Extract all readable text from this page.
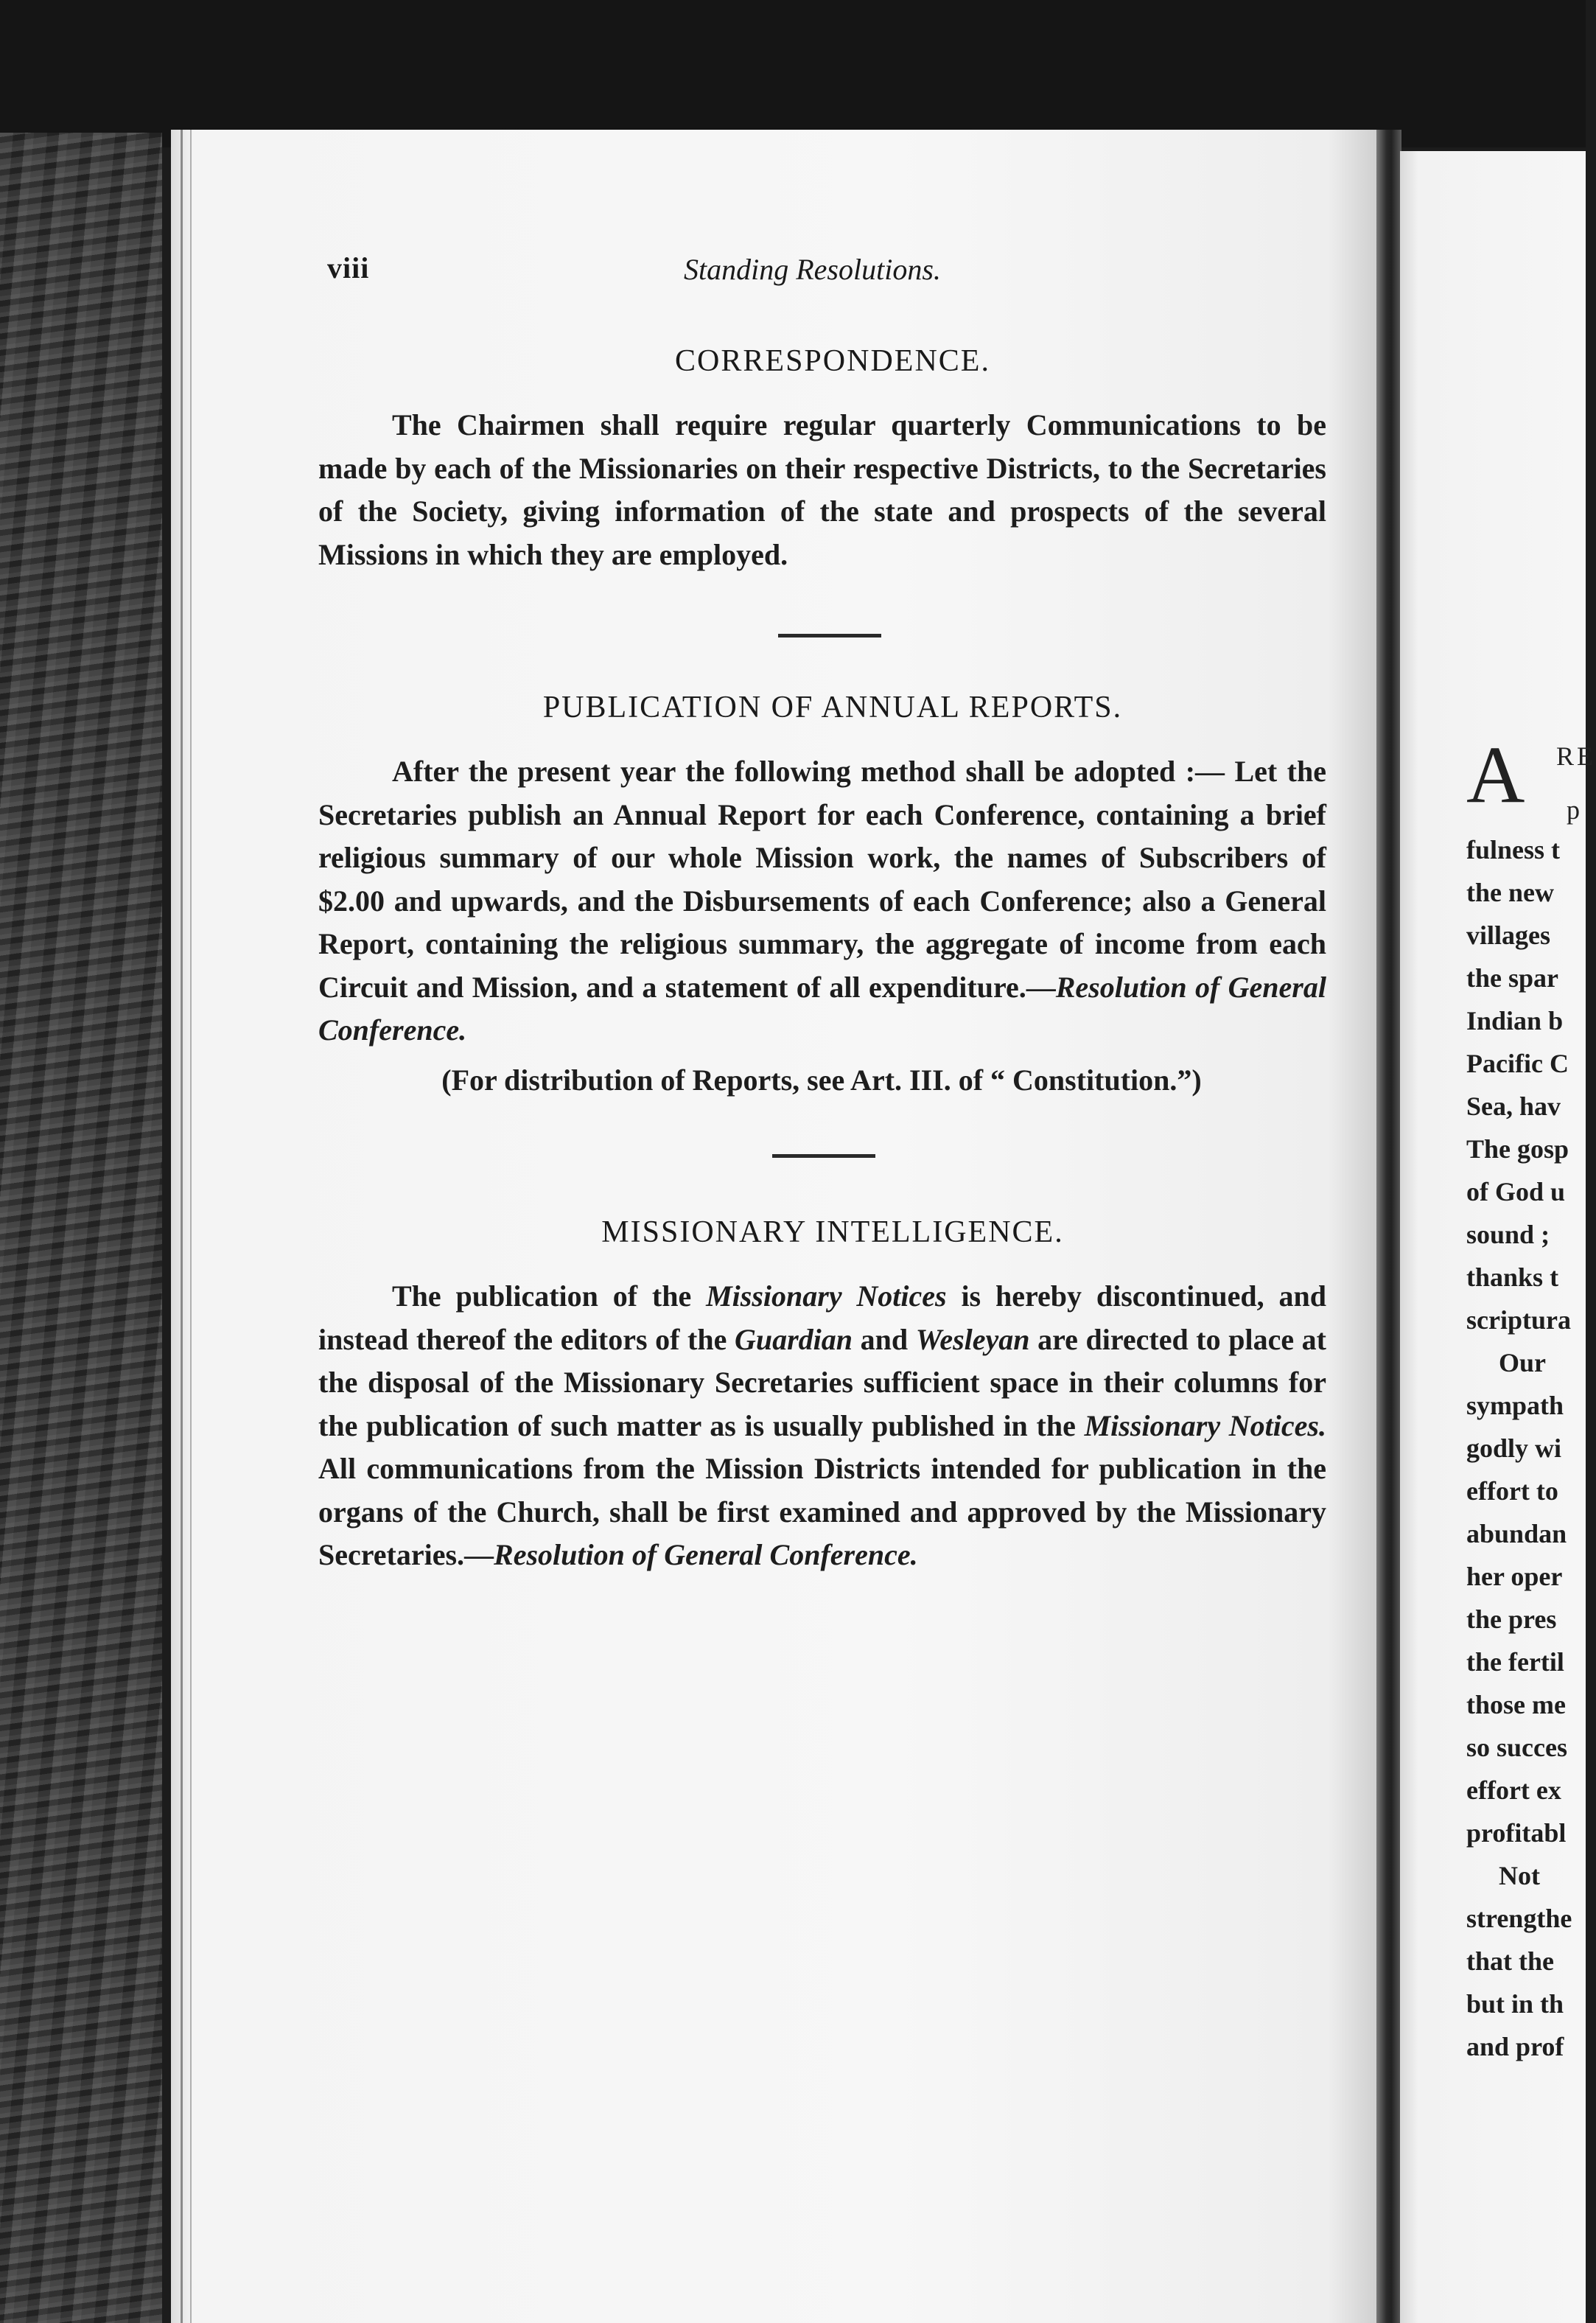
viii	Standing Resolutions.
CORRESPONDENCE.
The Chairmen shall require regular quarterly Communications to be made by each of the Missionaries on their respective Districts, to the Secretaries of the Society, giving information of the state and prospects of the several Missions in which they are employed.
PUBLICATION OF ANNUAL REPORTS.
After the present year the following method shall be adopted :— Let the Secretaries publish an Annual Report for each Conference, containing a brief religious summary of our whole Mission work, the names of Subscribers of $2.00 and upwards, and the Disbursements of each Conference; also a General Report, containing the religious summary, the aggregate of income from each Circuit and Mission, and a statement of all expenditure.—Resolution of General Conference.
(For distribution of Reports, see Art. III. of “ Constitution.”)
MISSIONARY INTELLIGENCE.
The publication of the Missionary Notices is hereby discontinued, and instead thereof the editors of the Guardian and Wesleyan are directed to place at the disposal of the Missionary Secretaries sufficient space in their columns for the publication of such matter as is usually published in the Missionary Notices. All communications from the Mission Districts intended for publication in the organs of the Church, shall be first examined and approved by the Missionary Secretaries.—Resolution of General Conference.
A RE
p
fulness t
the new
villages
the spar
Indian b
Pacific C
Sea, hav
The gosp
of God u
sound ;
thanks t
scriptura
Our
sympath
godly wi
effort to
abundan
her oper
the pres
the fertil
those me
so succes
effort ex
profitabl
Not
strengthe
that the
but in th
and prof
